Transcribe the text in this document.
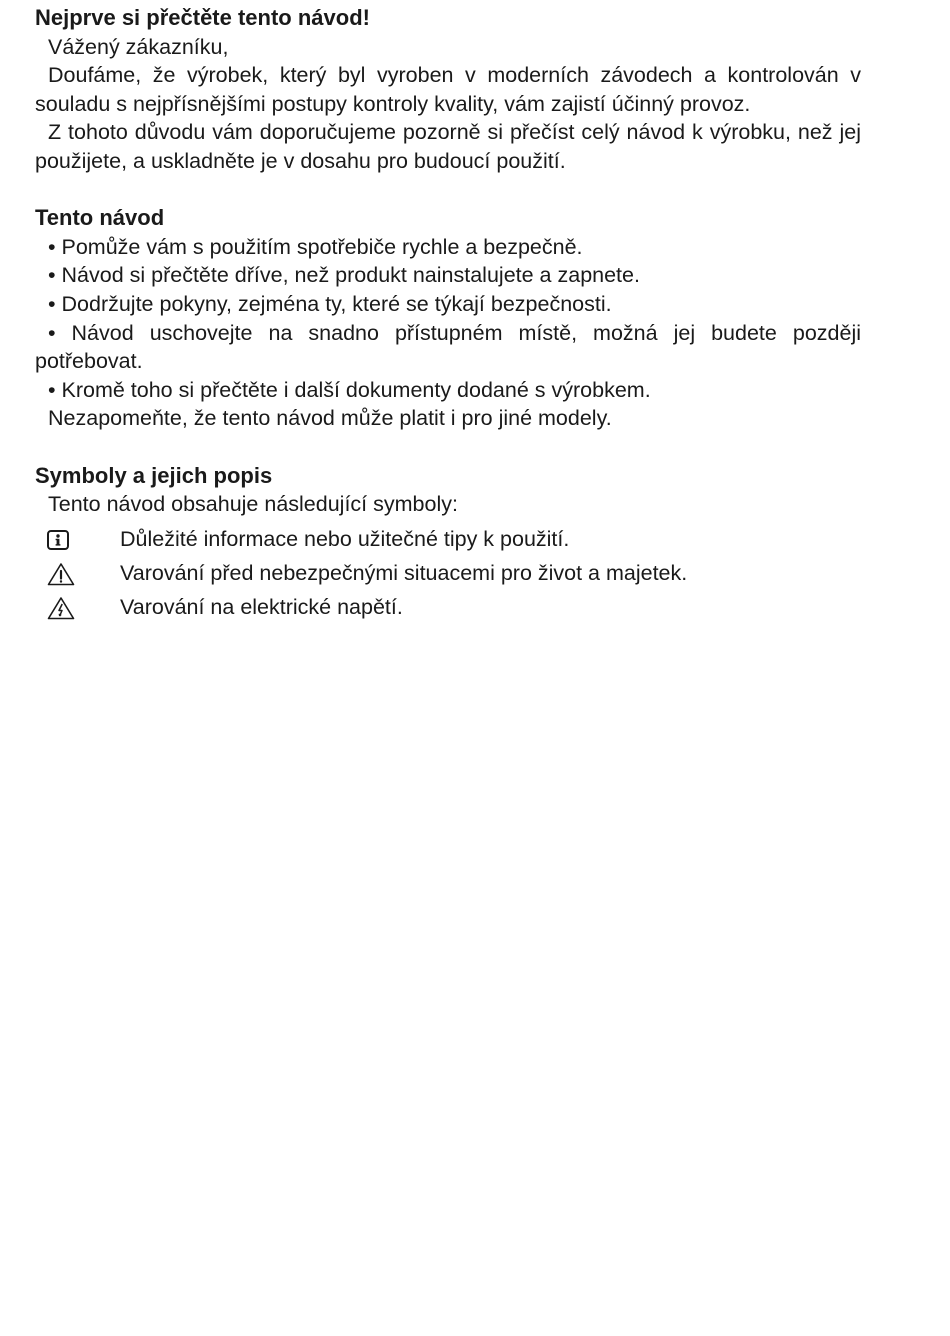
Nejprve si přečtěte tento návod!

Vážený zákazníku,

Doufáme, že výrobek, který byl vyroben v moderních závodech a kontrolován v souladu s nejpřísnějšími postupy kontroly kvality, vám zajistí účinný provoz.

Z tohoto důvodu vám doporučujeme pozorně si přečíst celý návod k výrobku, než jej použijete, a uskladněte je v dosahu pro budoucí použití.

Tento návod

• Pomůže vám s použitím spotřebiče rychle a bezpečně.

• Návod si přečtěte dříve, než produkt nainstalujete a zapnete.

• Dodržujte pokyny, zejména ty, které se týkají bezpečnosti.

• Návod uschovejte na snadno přístupném místě, možná jej budete později potřebovat.

• Kromě toho si přečtěte i další dokumenty dodané s výrobkem.

Nezapomeňte, že tento návod může platit i pro jiné modely.

Symboly a jejich popis

Tento návod obsahuje následující symboly:

Důležité informace nebo užitečné tipy k použití.
Varování před nebezpečnými situacemi pro život a majetek.
Varování na elektrické napětí.
